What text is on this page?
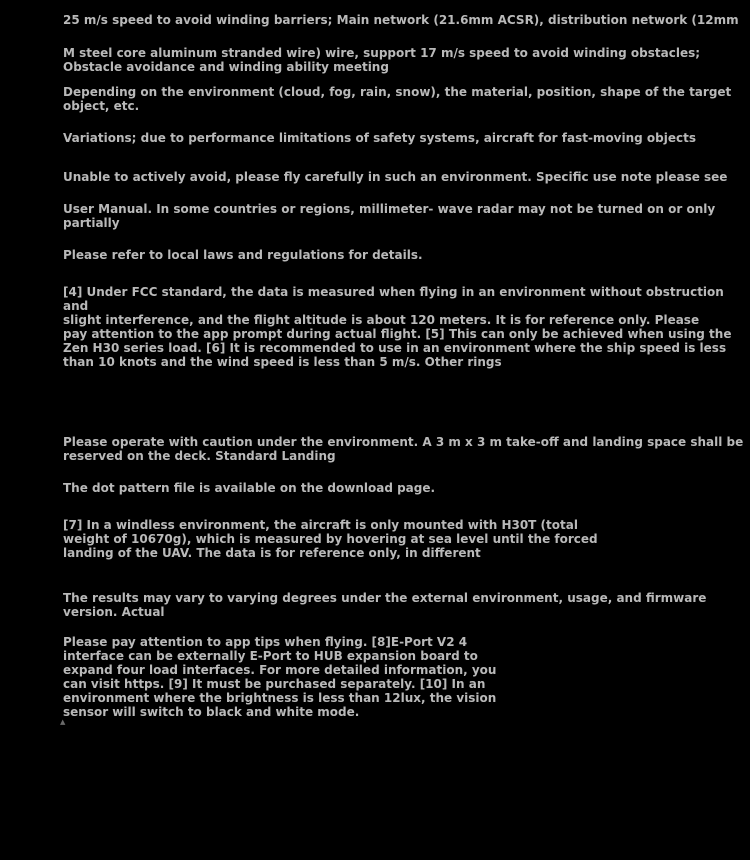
25 m/s speed to avoid winding barriers; Main network (21.6mm ACSR), distribution network (12mm

M steel core aluminum stranded wire) wire, support 17 m/s speed to avoid winding obstacles;
Obstacle avoidance and winding ability meeting

Depending on the environment (cloud, fog, rain, snow), the material, position, shape of the target
object, etc.

Variations; due to performance limitations of safety systems, aircraft for fast-moving objects

Unable to actively avoid, please fly carefully in such an environment. Specific use note please see

User Manual. In some countries or regions, millimeter- wave radar may not be turned on or only
partially

Please refer to local laws and regulations for details.

[4] Under FCC standard, the data is measured when flying in an environment without obstruction and
slight interference, and the flight altitude is about 120 meters. It is for reference only. Please
pay attention to the app prompt during actual flight. [5] This can only be achieved when using the
Zen H30 series load. [6] It is recommended to use in an environment where the ship speed is less
than 10 knots and the wind speed is less than 5 m/s. Other rings

Please operate with caution under the environment. A 3 m x 3 m take-off and landing space shall be
reserved on the deck. Standard Landing

The dot pattern file is available on the download page.

[7] In a windless environment, the aircraft is only mounted with H30T (total
weight of 10670g), which is measured by hovering at sea level until the forced
landing of the UAV. The data is for reference only, in different

The results may vary to varying degrees under the external environment, usage, and firmware
version. Actual

Please pay attention to app tips when flying. [8]E-Port V2 4
interface can be externally E-Port to HUB expansion board to
expand four load interfaces. For more detailed information, you
can visit https. [9] It must be purchased separately. [10] In an
environment where the brightness is less than 12lux, the vision
sensor will switch to black and white mode.

▲
